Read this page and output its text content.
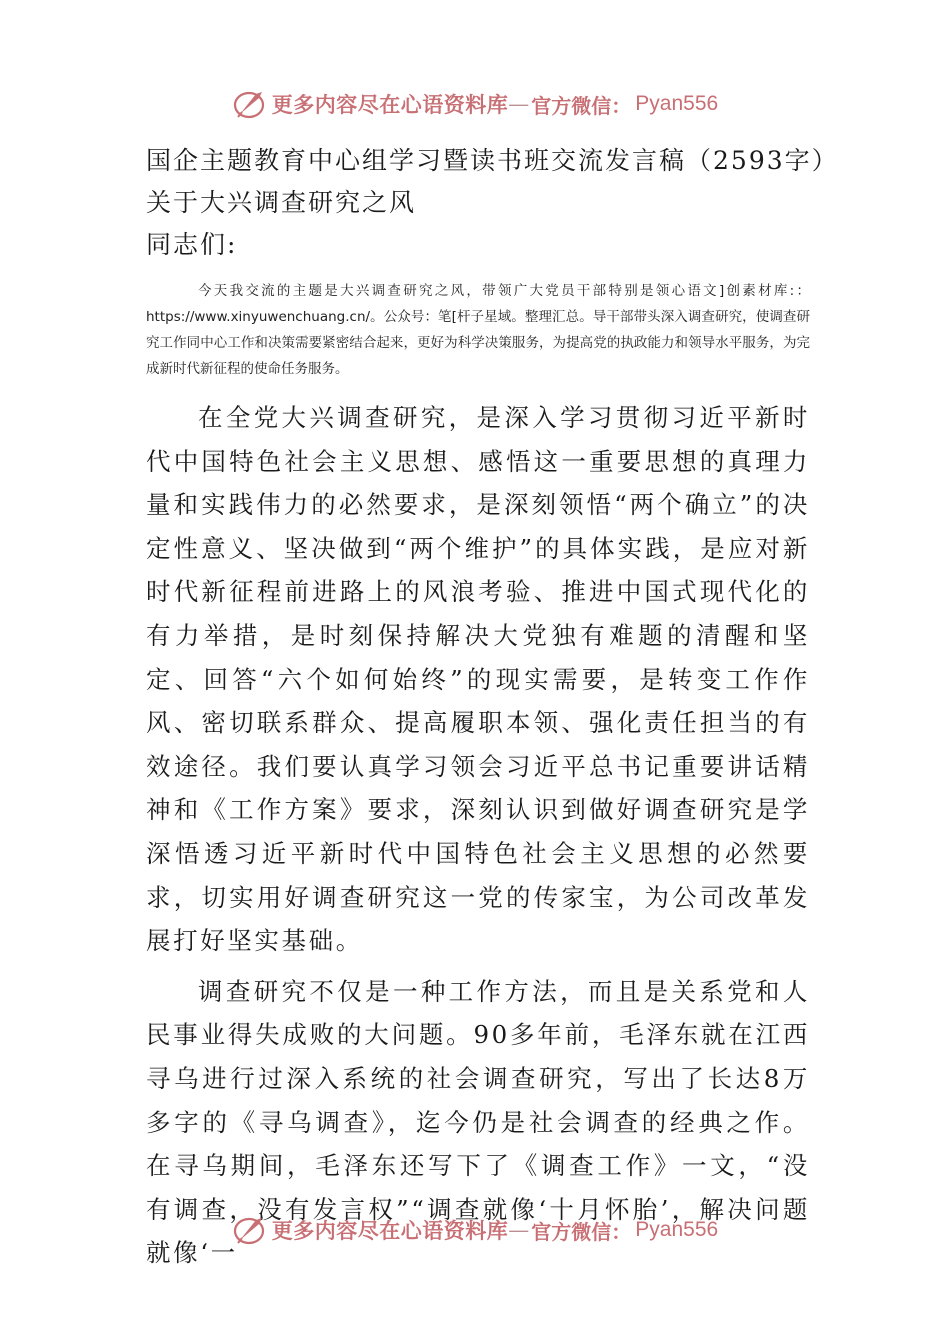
更多内容尽在心语资料库 — 官方微信： Pyan556
国企主题教育中心组学习暨读书班交流发言稿（2593字）
关于大兴调查研究之风
同志们:
今天我交流的主题是大兴调查研究之风，带领广大党员干部特别是领心语文]创素材库:：https://www.xinyuwenchuang.cn/。公众号：笔[杆子星域。整理汇总。导干部带头深入调查研究，使调查研究工作同中心工作和决策需要紧密结合起来，更好为科学决策服务，为提高党的执政能力和领导水平服务，为完成新时代新征程的使命任务服务。

在全党大兴调查研究，是深入学习贯彻习近平新时代中国特色社会主义思想、感悟这一重要思想的真理力量和实践伟力的必然要求，是深刻领悟“两个确立”的决定性意义、坚决做到“两个维护”的具体实践，是应对新时代新征程前进路上的风浪考验、推进中国式现代化的有力举措，是时刻保持解决大党独有难题的清醒和坚定、回答“六个如何始终”的现实需要，是转变工作作风、密切联系群众、提高履职本领、强化责任担当的有效途径。我们要认真学习领会习近平总书记重要讲话精神和《工作方案》要求，深刻认识到做好调查研究是学深悟透习近平新时代中国特色社会主义思想的必然要求，切实用好调查研究这一党的传家宝，为公司改革发展打好坚实基础。

调查研究不仅是一种工作方法，而且是关系党和人民事业得失成败的大问题。90多年前，毛泽东就在江西寻乌进行过深入系统的社会调查研究，写出了长达8万多字的《寻乌调查》，迄今仍是社会调查的经典之作。在寻乌期间，毛泽东还写下了《调查工作》一文，“没有调查，没有发言权”“调查就像‘十月怀胎’，解决问题就像‘一

更多内容尽在心语资料库 — 官方微信： Pyan556
